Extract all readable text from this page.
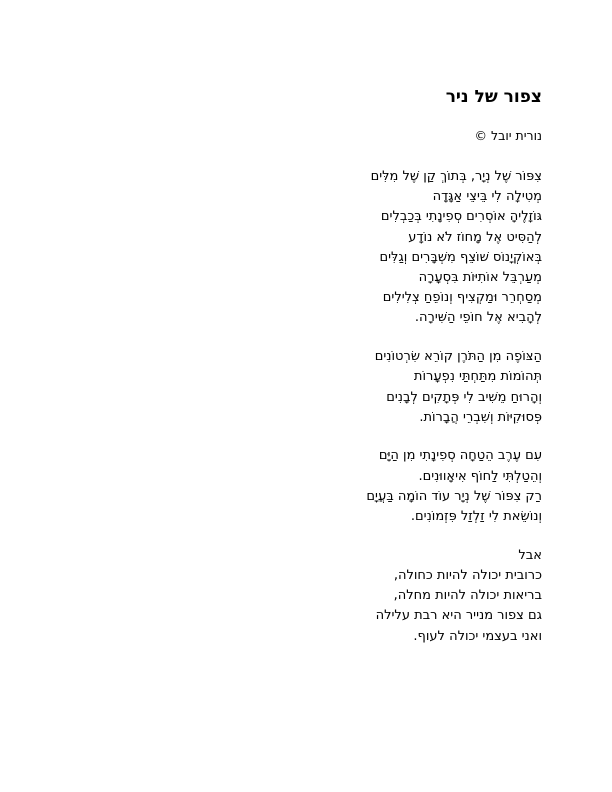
צפור של ניר
נורית יובל ©
צִפּוֹר שֶׁל נְיָר, בְּתוֹךְ קַן שֶׁל מִלִּים
מְטִילָה לִי בֵּיצֵי אַגָּדָה
גּוֹזָלֶיהָ אוֹסְרִים סְפִינָתִי בְּכַבְלִים
לְהַסִּיט אֶל מָחוֹז לֹא נוֹדָע
בְּאוֹקְיָנוֹס שׁוֹצֵף מִשְׁבָּרִים וְגַלִּים
מְעַרְבֵּל אוֹתִיּוֹת בִּסְעָרָה
מְסַחְרֵר וּמַקְצִיף וְנוֹפֵחַ צְלִילִים
לְהָבִיא אֶל חוֹפֵי הַשִּׁירָה.
הַצּוֹפֶה מִן הַתֹּרֶן קוֹרֵא שִׂרְטוֹנִים
תְּהוֹמוֹת מִתַּחְתַּי נִפְעָרוֹת
וְהָרוּחַ מֵשִׁיב לִי פְּתָקִים לְבָנִים
פְּסוּקִיּוֹת וְשִׁבְרֵי הֲבָרוֹת.
עִם עֶרֶב הֵטַחָה סְפִינָתִי מִן הַיָּם
וְהֵטַלְתִּי לַחוֹף אִיאָווּנִים.
רַק צִפּוֹר שֶׁל נְיָר עוֹד הוֹמָה בַּעֲיָם
וְנוֹשֵׂאת לִי זַלְזַל פִּזְמוֹנִים.
אבל
כרובית יכולה להיות כחולה,
בריאות יכולה להיות מחלה,
גם צפור מנייר היא רבת עלילה
ואני בעצמי יכולה לעוף.
